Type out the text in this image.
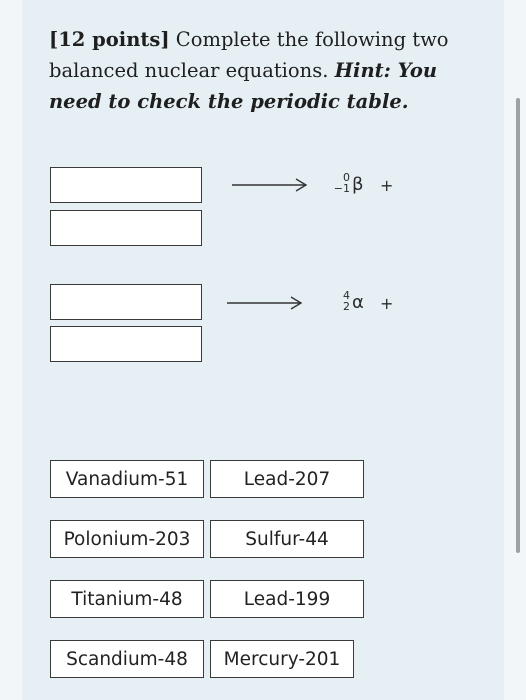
[12 points] Complete the following two balanced nuclear equations. Hint: You need to check the periodic table.

0
−1 β +
4
2 α +
Vanadium-51	Lead-207
Polonium-203	Sulfur-44
Titanium-48	Lead-199
Scandium-48	Mercury-201
